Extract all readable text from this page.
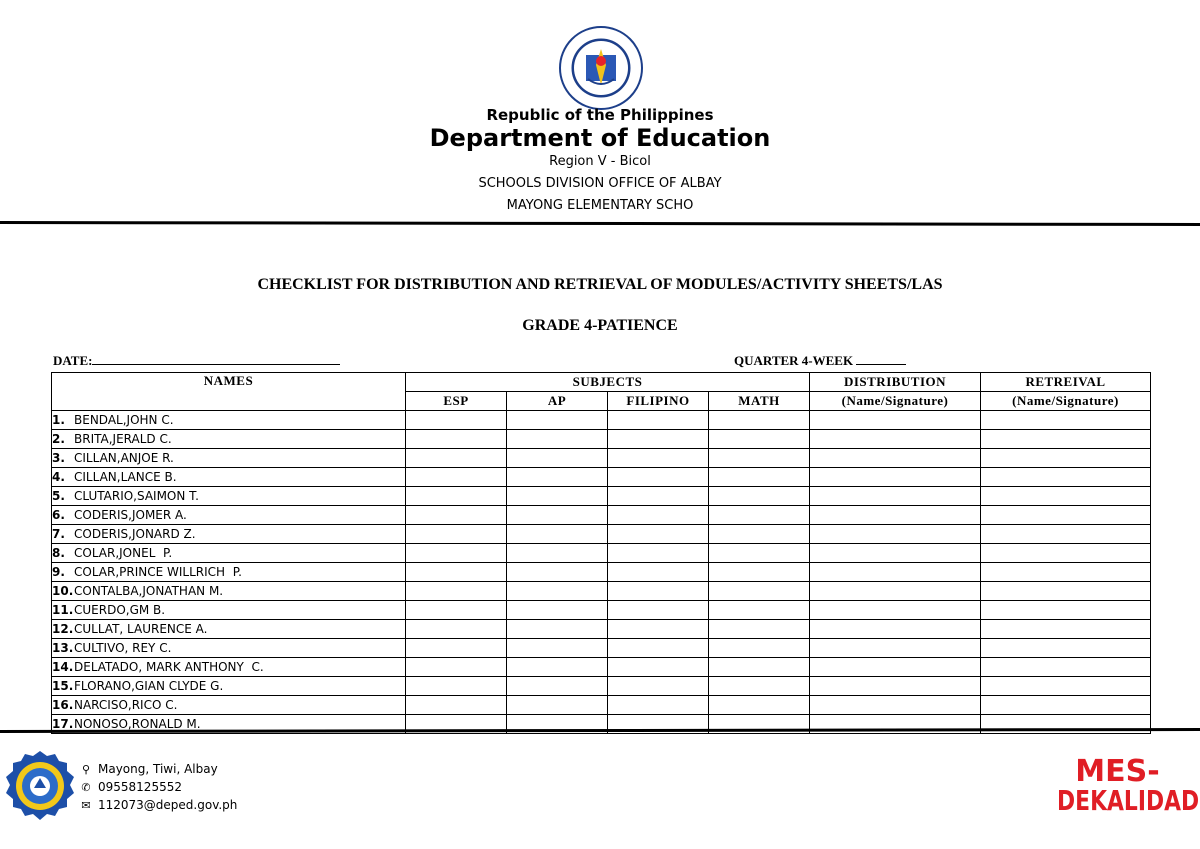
Republic of the Philippines
Department of Education
Region V - Bicol
SCHOOLS DIVISION OFFICE OF ALBAY
MAYONG ELEMENTARY SCHO
CHECKLIST FOR DISTRIBUTION AND RETRIEVAL OF MODULES/ACTIVITY SHEETS/LAS
GRADE 4-PATIENCE
DATE:	QUARTER 4-WEEK
NAMES	SUBJECTS				DISTRIBUTION	RETREIVAL
	ESP	AP	FILIPINO	MATH	(Name/Signature)	(Name/Signature)
1. BENDAL,JOHN C.						
2. BRITA,JERALD C.						
3. CILLAN,ANJOE R.						
4. CILLAN,LANCE B.						
5. CLUTARIO,SAIMON T.						
6. CODERIS,JOMER A.						
7. CODERIS,JONARD Z.						
8. COLAR,JONEL  P.						
9. COLAR,PRINCE WILLRICH  P.						
10.CONTALBA,JONATHAN M.						
11.CUERDO,GM B.						
12.CULLAT, LAURENCE A.						
13.CULTIVO, REY C.						
14.DELATADO, MARK ANTHONY  C.						
15.FLORANO,GIAN CLYDE G.						
16.NARCISO,RICO C.						
17.NONOSO,RONALD M.						
⚲ Mayong, Tiwi, Albay
✆ 09558125552
✉ 112073@deped.gov.ph
MES-
DEKALIDAD
